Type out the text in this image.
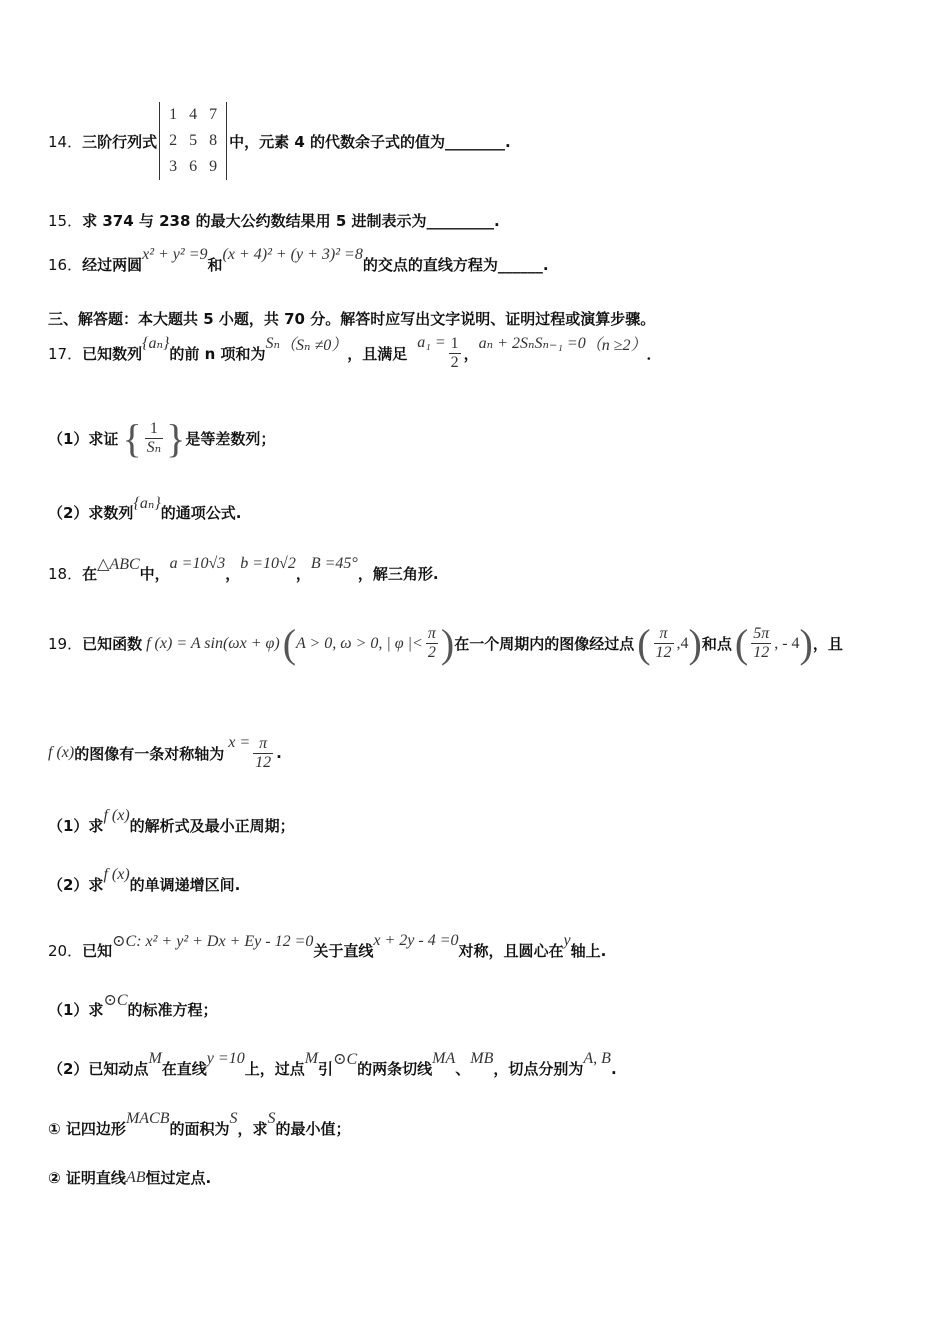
14． 三阶行列式
1
2
3
4
5
6
7
8
9
中，元素 4 的代数余子式的值为________.
15． 求 374 与 238 的最大公约数结果用 5 进制表示为_________.
16． 经过两圆
x² + y² =9
和
(x + 4)² + (y + 3)² =8
的交点的直线方程为______.
三、解答题：本大题共 5 小题，共 70 分。解答时应写出文字说明、证明过程或演算步骤。
17． 已知数列
{aₙ}
的前 n 项和为
Sₙ （Sₙ ≠0） ，且满足
$a_1 = \frac{1}{2}$ ，
aₙ + 2SₙSₙ₋₁ =0 （n ≥2） ．
（1）求证 { $\frac{1}{\text{Sₙ}}$ } 是等差数列；
（2）求数列
{aₙ}
的通项公式.
18． 在
△ABC
中，
a =10√3
，
b =10√2
，
B =45°
，解三角形.
19． 已知函数 f (x) = A sin(ωx + φ) ( A > 0, ω > 0, | φ |< $\frac{\pi}{2}$ ) 在一个周期内的图像经过点 ( $\frac{\pi}{12} ,4$ ) 和点 ( $\frac{5\pi}{12}$ , - 4 ) ，且
f (x) 的图像有一条对称轴为
$x = \frac{\pi}{12}$ .
（1）求
f (x)
的解析式及最小正周期；
（2）求
f (x)
的单调递增区间.
20． 已知
⊙C: x² + y² + Dx + Ey - 12 =0
关于直线
x + 2y - 4 =0
对称，且圆心在
y
轴上.
（1）求
⊙C
的标准方程；
（2）已知动点
M
在直线
y =10
上，过点
M
引
⊙C
的两条切线
MA
、
MB
，切点分别为
A, B
.
① 记四边形
MACB
的面积为
S
，求
S
的最小值；
② 证明直线 AB 恒过定点.
